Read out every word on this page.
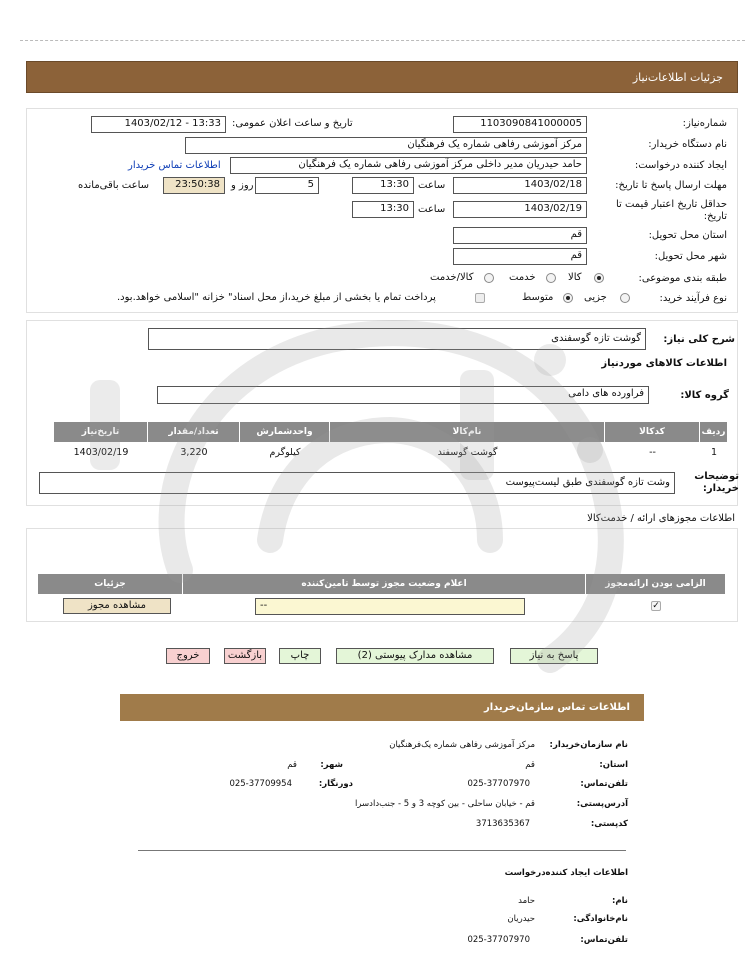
جزئیات اطلاعات‌نیاز
شماره‌نیاز:
1103090841000005
تاریخ و ساعت اعلان عمومی:
1403/02/12 - 13:33
نام دستگاه خریدار:
مرکز آموزشی رفاهی شماره یک فرهنگیان
ایجاد کننده درخواست:
حامد حیدریان مدیر داخلی مرکز آموزشی رفاهی شماره یک فرهنگیان
اطلاعات تماس خریدار
مهلت ارسال پاسخ تا تاریخ:
1403/02/18
ساعت
13:30
5
روز و
23:50:38
ساعت باقی‌مانده
حداقل تاریخ اعتبار قیمت تا تاریخ:
1403/02/19
ساعت
13:30
استان محل تحویل:
قم
شهر محل تحویل:
قم
طبقه بندی موضوعی:
کالا
خدمت
کالا/خدمت
نوع فرآیند خرید:
جزیی
متوسط
پرداخت تمام یا بخشی از مبلغ خرید،از محل اسناد" خزانه "اسلامی خواهد.بود.
شرح کلی نیاز:
گوشت تازه گوسفندی
اطلاعات کالاهای مورد‌نیاز
گروه کالا:
فراورده های دامی
ردیف
کدکالا
نام‌کالا
واحدشمارش
تعداد/مقدار
تاریخ‌نیاز
1
--
گوشت گوسفند
کیلوگرم
3,220
1403/02/19
توضیحات خریدار:
وشت تازه گوسفندی طبق لیست‌پیوست
اطلاعات مجوزهای ارائه / خدمت‌کالا
الزامی بودن ارائه‌مجوز
اعلام وضعیت مجوز توسط تامین‌کننده
جزئیات
✓
--
مشاهده مجوز
پاسخ به نیاز
مشاهده مدارک پیوستی (2)
چاپ
بازگشت
خروج
اطلاعات تماس سازمان‌خریدار
نام سازمان‌خریدار:
مرکز آموزشی رفاهی شماره یک‌فرهنگیان
استان:
قم
شهر:
قم
تلفن‌تماس:
025-37707970
دورنگار:
025-37709954
آدرس‌پستی:
قم - خیابان ساحلی - بین کوچه 3 و 5 - جنب‌دادسرا
کد‌پستی:
3713635367
اطلاعات ایجاد کننده‌درخواست
نام:
حامد
نام‌خانوادگی:
حیدریان
تلفن‌تماس:
025-37707970
